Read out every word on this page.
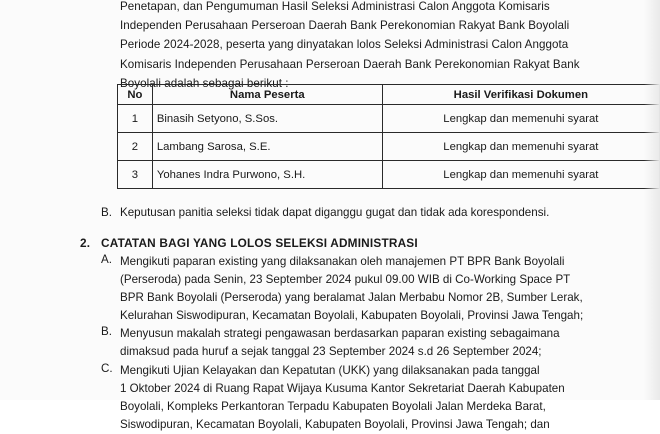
Penetapan, dan Pengumuman Hasil Seleksi Administrasi Calon Anggota Komisaris
Independen Perusahaan Perseroan Daerah Bank Perekonomian Rakyat Bank Boyolali
Periode 2024-2028, peserta yang dinyatakan lolos Seleksi Administrasi Calon Anggota
Komisaris Independen Perusahaan Perseroan Daerah Bank Perekonomian Rakyat Bank
Boyolali adalah sebagai berikut :
No	Nama Peserta	Hasil Verifikasi Dokumen
1	Binasih Setyono, S.Sos.	Lengkap dan memenuhi syarat
2	Lambang Sarosa, S.E.	Lengkap dan memenuhi syarat
3	Yohanes Indra Purwono, S.H.	Lengkap dan memenuhi syarat
B. Keputusan panitia seleksi tidak dapat diganggu gugat dan tidak ada korespondensi.
2. CATATAN BAGI YANG LOLOS SELEKSI ADMINISTRASI
A. Mengikuti paparan existing yang dilaksanakan oleh manajemen PT BPR Bank Boyolali
(Perseroda) pada Senin, 23 September 2024 pukul 09.00 WIB di Co-Working Space PT
BPR Bank Boyolali (Perseroda) yang beralamat Jalan Merbabu Nomor 2B, Sumber Lerak,
Kelurahan Siswodipuran, Kecamatan Boyolali, Kabupaten Boyolali, Provinsi Jawa Tengah;
B. Menyusun makalah strategi pengawasan berdasarkan paparan existing sebagaimana
dimaksud pada huruf a sejak tanggal 23 September 2024 s.d 26 September 2024;
C. Mengikuti Ujian Kelayakan dan Kepatutan (UKK) yang dilaksanakan pada tanggal
1 Oktober 2024 di Ruang Rapat Wijaya Kusuma Kantor Sekretariat Daerah Kabupaten
Boyolali, Kompleks Perkantoran Terpadu Kabupaten Boyolali Jalan Merdeka Barat,
Siswodipuran, Kecamatan Boyolali, Kabupaten Boyolali, Provinsi Jawa Tengah; dan
